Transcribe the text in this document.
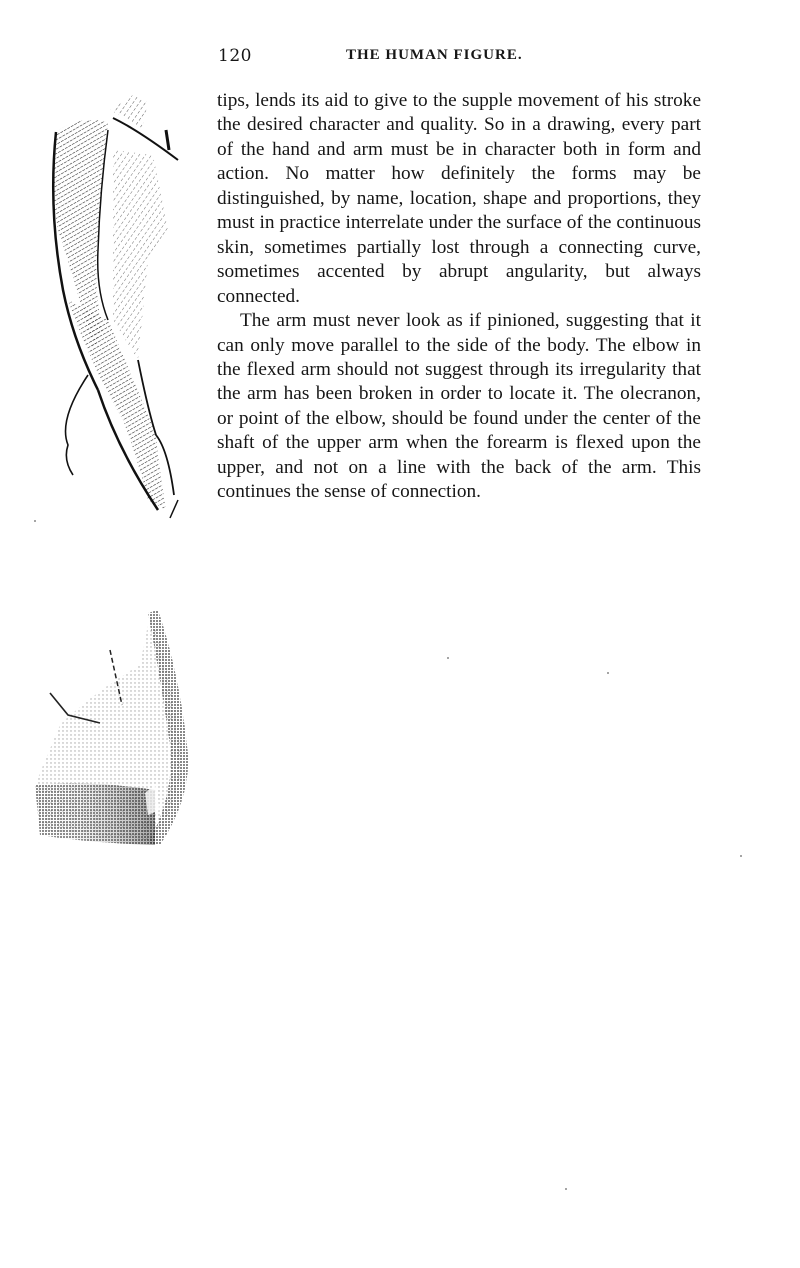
120	THE HUMAN FIGURE.

tips, lends its aid to give to the supple movement of his stroke the desired character and quality. So in a drawing, every part of the hand and arm must be in character both in form and action. No matter how definitely the forms may be distinguished, by name, location, shape and proportions, they must in practice interrelate under the surface of the continuous skin, sometimes partially lost through a connecting curve, sometimes accented by abrupt angularity, but always connected.

The arm must never look as if pinioned, suggesting that it can only move parallel to the side of the body. The elbow in the flexed arm should not suggest through its irregularity that the arm has been broken in order to locate it. The olecranon, or point of the elbow, should be found under the center of the shaft of the upper arm when the forearm is flexed upon the upper, and not on a line with the back of the arm. This continues the sense of connection.
